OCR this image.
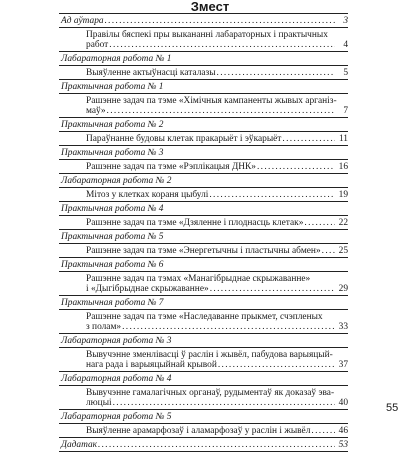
Змест
Ад аўтара . . .	3
Правілы бяспекі пры выкананні лабараторных і практычных
работ . . .	4
Лабараторная работа № 1
Выяўленне актыўнасці каталазы . . .	5
Практычная работа № 1
Рашэнне задач па тэме «Хімічныя кампаненты жывых арганіз-
маў» . . .	7
Практычная работа № 2
Параўнанне будовы клетак пракарыёт і эўкарыёт . . .	11
Практычная работа № 3
Рашэнне задач па тэме «Рэплікацыя ДНК» . . .	16
Лабараторная работа № 2
Мітоз у клетках кораня цыбулі . . .	19
Практычная работа № 4
Рашэнне задач па тэме «Дзяленне і плоднасць клетак» . . .	22
Практычная работа № 5
Рашэнне задач па тэме «Энергетычны і пластычны абмен» . . . 25
Практычная работа № 6
Рашэнне задач па тэмах «Манагібрыднае скрыжаванне»
і «Дыгібрыднае скрыжаванне» . . .	29
Практычная работа № 7
Рашэнне задач па тэме «Наследаванне прыкмет, счэпленых
з полам» . . .	33
Лабараторная работа № 3
Вывучэнне зменлівасці ў раслін і жывёл, пабудова варыяцый-
нага рада і варыяцыйнай крывой . . .	37
Лабараторная работа № 4
Вывучэнне гамалагічных органаў, рудыментаў як доказаў эва-
люцыі . . .	40
Лабараторная работа № 5
Выяўленне арамарфозаў і аламарфозаў у раслін і жывёл . . .	46
Дадатак . . .	53
55
